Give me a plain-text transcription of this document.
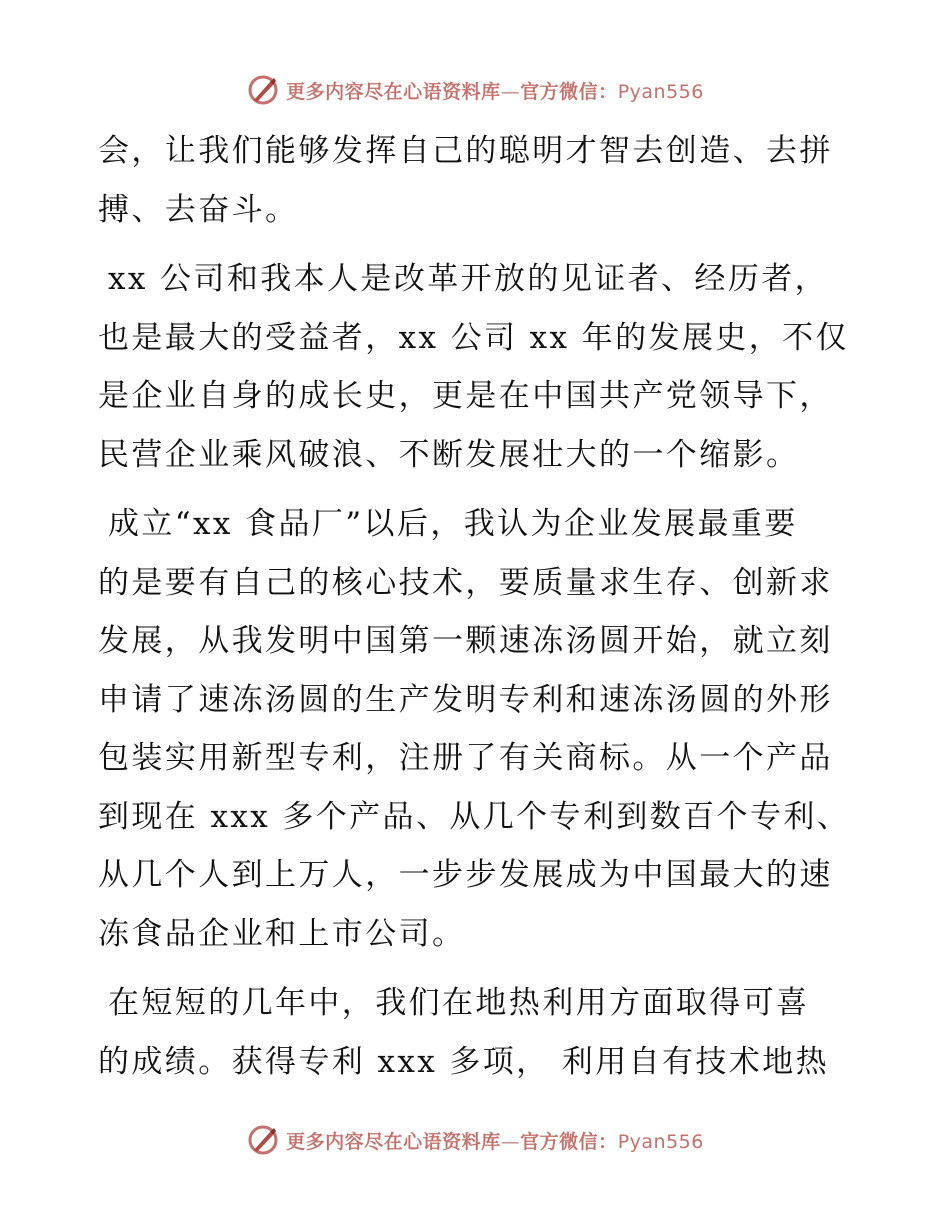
更多内容尽在心语资料库—官方微信：Pyan556
会，让我们能够发挥自己的聪明才智去创造、去拼
搏、去奋斗。
xx 公司和我本人是改革开放的见证者、经历者，
也是最大的受益者，xx 公司 xx 年的发展史，不仅
是企业自身的成长史，更是在中国共产党领导下，
民营企业乘风破浪、不断发展壮大的一个缩影。
成立“xx 食品厂”以后，我认为企业发展最重要
的是要有自己的核心技术，要质量求生存、创新求
发展，从我发明中国第一颗速冻汤圆开始，就立刻
申请了速冻汤圆的生产发明专利和速冻汤圆的外形
包装实用新型专利，注册了有关商标。从一个产品
到现在 xxx 多个产品、从几个专利到数百个专利、
从几个人到上万人，一步步发展成为中国最大的速
冻食品企业和上市公司。
在短短的几年中，我们在地热利用方面取得可喜
的成绩。获得专利 xxx 多项， 利用自有技术地热
更多内容尽在心语资料库—官方微信：Pyan556
